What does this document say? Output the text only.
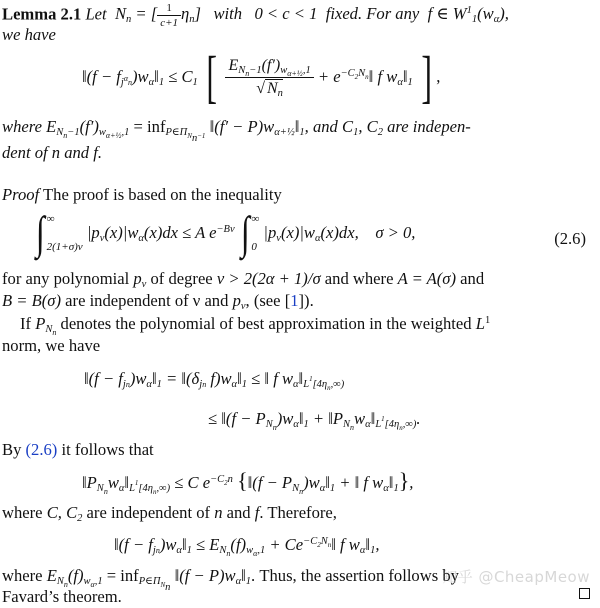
Lemma 2.1 Let  $N_n$ = [ $\frac{1}{c+1} \eta_n$]   with   0 < c < 1  fixed. For any  f ∈ $W^1_1(w_\alpha)$,
we have
‖(f − $f_{j^\alpha n})w_\alpha‖_1 \le C_1$ [ $\frac{E_{N_n-1}(f')_{w_{\alpha+\frac{1}{2}},1}}{√ N_n}$ + $e^{-C_2N_n}‖$ f $w_\alpha‖_1$ ] ,
where $E_{N_n-1}(f')_{w_{\alpha+\frac{1}{2}},1} = inf_{P\in\Pi_{N_n-1}}$ ‖(f′ − $P)w_{\alpha+\frac{1}{2}}‖_1$, and $C_1$, $C_2$ are indepen-
dent of n and f.
Proof The proof is based on the inequality
∫ ∞
2(1+σ)ν
$|p_\nu(x)|w_\alpha(x)dx \le A$ $e^{-B\nu}$ ∫ ∞
0
$|p_\nu(x)|w_\alpha(x)dx$,    σ > 0,	(2.6)
for any polynomial $p_\nu$ of degree ν > 2(2α + 1)/σ and where A = A(σ) and
B = B(σ) are independent of ν and $p_\nu$, (see [1]).
If $P_{N_n}$ denotes the polynomial of best approximation in the weighted $L^1$
norm, we have
‖(f − $f_{jn})w_\alpha‖_1$ = $‖(\delta_{jn}$ $f)w_\alpha‖_1$ ≤ ‖ f $w_\alpha‖_{L^1[4\eta_n,\infty)}$
≤ ‖(f − $P_{N_n})w_\alpha‖_1$ + $‖P_{N_n}w_\alpha‖_{L^1[4\eta_n,\infty)}$.
By (2.6) it follows that
$‖P_{N_n}w_\alpha‖_{L^1[4\eta_n,\infty)} \le C$ $e^{-C_2n}$ {‖(f − $P_{N_n})w_\alpha‖_1$ + ‖ f $w_\alpha‖_1$},
where C, $C_2$ are independent of n and f. Therefore,
‖(f − $f_{jn})w_\alpha‖_1 \le E_{N_n}(f)_{w_\alpha,1}$ + $Ce^{-C_2N_n}‖$ f $w_\alpha‖_1$,
where $E_{N_n}(f)_{w_\alpha,1} = inf_{P\in\Pi_{N_n}}$ ‖(f − $P)w_\alpha‖_1$. Thus, the assertion follows by
Favard’s theorem.
知乎 @CheapMeow
